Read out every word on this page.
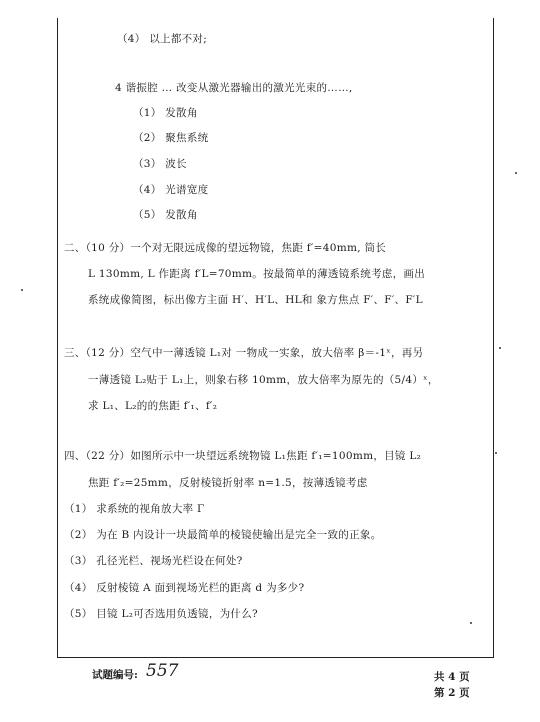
（4） 以上都不对;
4 谐振腔 … 改变从激光器输出的激光光束的……,
（1） 发散角
（2） 聚焦系统
（3） 波长
（4） 光谱宽度
（5） 发散角
二、（10 分）一个对无限远成像的望远物镜，焦距 f′=40mm, 筒长
L 130mm, L 作距离 f′L=70mm。按最简单的薄透镜系统考虑，画出
系统成像简图，标出像方主面 H′、H′L、HL和 象方焦点 F′、F′、F′L
三、（12 分）空气中一薄透镜 L₁对 一物成一实象，放大倍率 β＝-1ˣ，再另
一薄透镜 L₂贴于 L₁上，则象右移 10mm，放大倍率为原先的（5/4）ˣ，
求 L₁、L₂的的焦距 f′₁、f′₂
四、（22 分）如图所示中一块望远系统物镜 L₁焦距 f′₁=100mm，目镜 L₂
焦距 f′₂=25mm，反射棱镜折射率 n=1.5，按薄透镜考虑
（1） 求系统的视角放大率 Γ
（2） 为在 B 内设计一块最简单的棱镜使输出是完全一致的正象。
（3） 孔径光栏、视场光栏设在何处?
（4） 反射棱镜 A 面到视场光栏的距离 d 为多少?
（5） 目镜 L₂可否选用负透镜，为什么?
试题编号: 557	共 4 页
第 2 页
